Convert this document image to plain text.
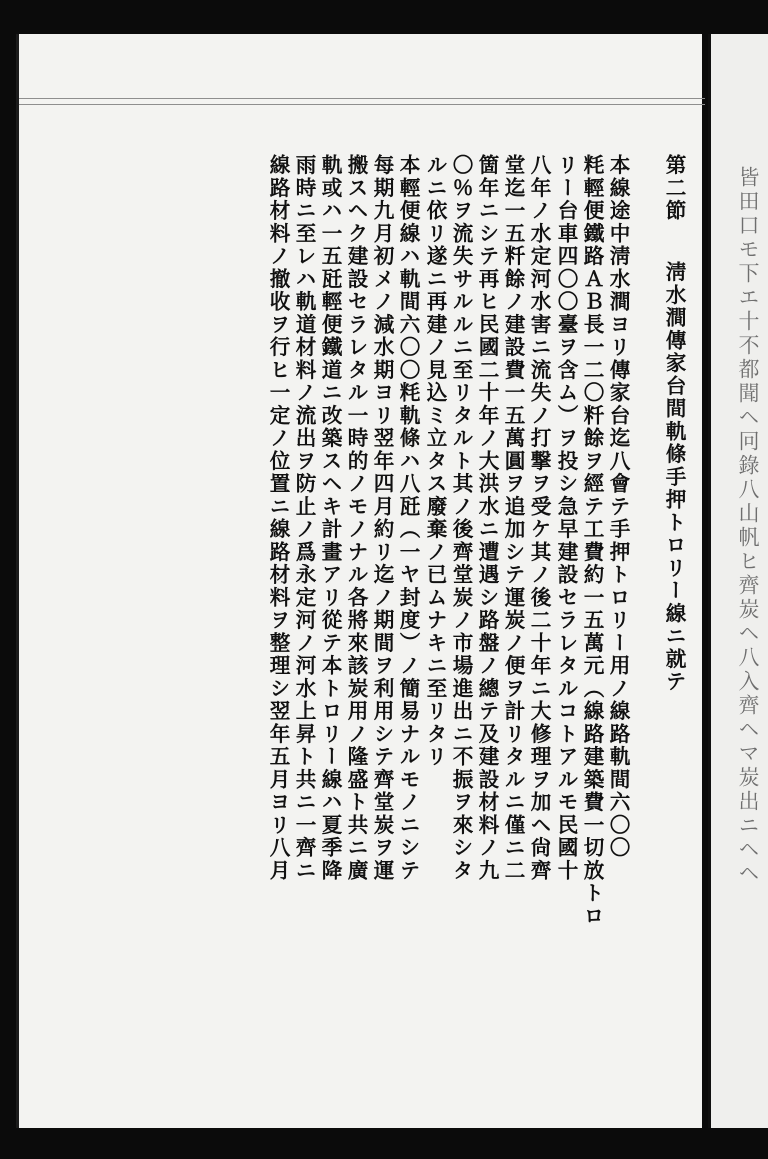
第二節
淸水澗傳家台間軌條手押トロリー線ニ就テ
本線途中淸水澗ヨリ傳家台迄八會テ手押トロリー用ノ線路軌間六〇〇
粍輕便鐵路ＡＢ長一二〇粁餘ヲ經テ工費約一五萬元（線路建築費一切放トロ
リー台車四〇〇臺ヲ含ム）ヲ投シ急早建設セラレタルコトアルモ民國十
八年ノ水定河水害ニ流失ノ打撃ヲ受ケ其ノ後二十年ニ大修理ヲ加ヘ尙齊
堂迄一五粁餘ノ建設費一五萬圓ヲ追加シテ運炭ノ便ヲ計リタルニ僅ニ二
箇年ニシテ再ヒ民國二十年ノ大洪水ニ遭遇シ路盤ノ總テ及建設材料ノ九
〇％ヲ流失サルルニ至リタルト其ノ後齊堂炭ノ市場進出ニ不振ヲ來シタ
ルニ依リ遂ニ再建ノ見込ミ立タス廢棄ノ已ムナキニ至リタリ
本輕便線ハ軌間六〇〇粍軌條ハ八瓩（一ヤ封度）ノ簡易ナルモノニシテ
每期九月初メノ減水期ヨリ翌年四月約リ迄ノ期間ヲ利用シテ齊堂炭ヲ運
搬スヘク建設セラレタル一時的ノモノナル各將來該炭用ノ隆盛ト共ニ廣
軌或ハ一五瓩輕便鐵道ニ改築スヘキ計畫アリ從テ本トロリー線ハ夏季降
雨時ニ至レハ軌道材料ノ流出ヲ防止ノ爲永定河ノ河水上昇ト共ニ一齊ニ
線路材料ノ撤收ヲ行ヒ一定ノ位置ニ線路材料ヲ整理シ翌年五月ヨリ八月	皆田口モ下エ十不都聞ヘ冋錄八山帆ヒ齊炭ヘ八入齊ヘマ炭出ニヘヘ
